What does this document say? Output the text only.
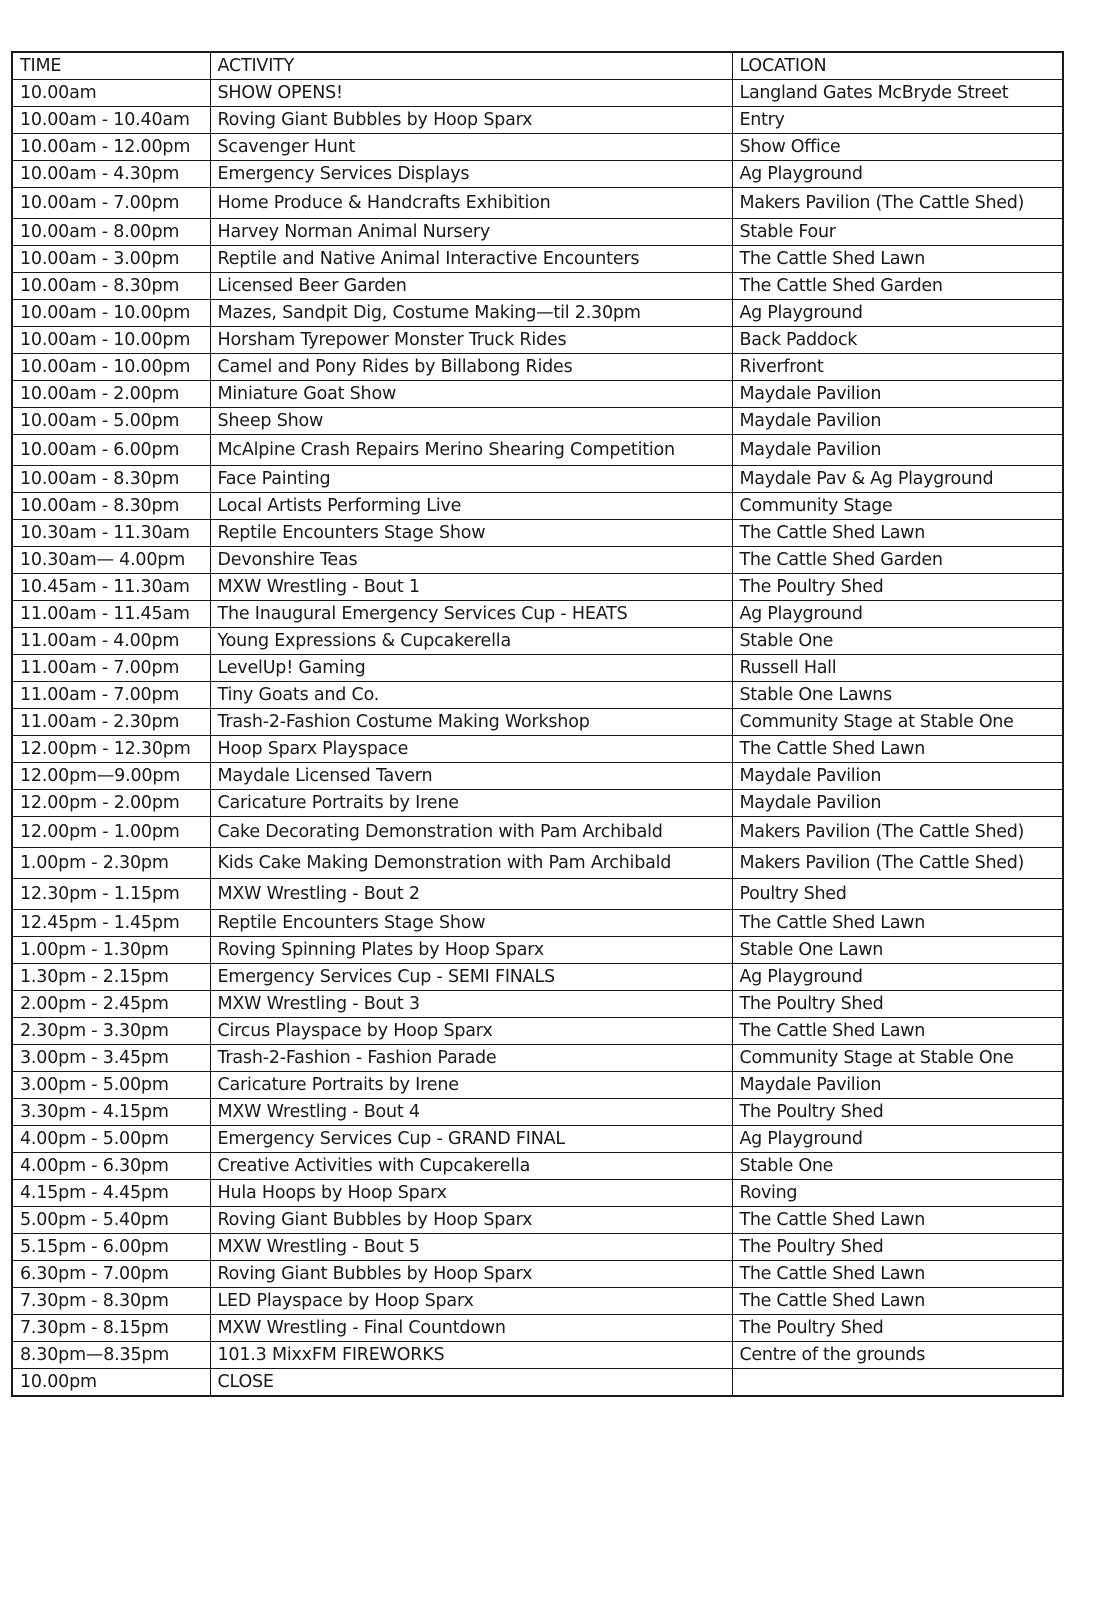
TIME	ACTIVITY	LOCATION
10.00am	SHOW OPENS!	Langland Gates McBryde Street
10.00am - 10.40am	Roving Giant Bubbles by Hoop Sparx	Entry
10.00am - 12.00pm	Scavenger Hunt	Show Office
10.00am - 4.30pm	Emergency Services Displays	Ag Playground
10.00am - 7.00pm	Home Produce & Handcrafts Exhibition	Makers Pavilion (The Cattle Shed)
10.00am - 8.00pm	Harvey Norman Animal Nursery	Stable Four
10.00am - 3.00pm	Reptile and Native Animal Interactive Encounters	The Cattle Shed Lawn
10.00am - 8.30pm	Licensed Beer Garden	The Cattle Shed Garden
10.00am - 10.00pm	Mazes, Sandpit Dig, Costume Making—til 2.30pm	Ag Playground
10.00am - 10.00pm	Horsham Tyrepower Monster Truck Rides	Back Paddock
10.00am - 10.00pm	Camel and Pony Rides by Billabong Rides	Riverfront
10.00am - 2.00pm	Miniature Goat Show	Maydale Pavilion
10.00am - 5.00pm	Sheep Show	Maydale Pavilion
10.00am - 6.00pm	McAlpine Crash Repairs Merino Shearing Competition	Maydale Pavilion
10.00am - 8.30pm	Face Painting	Maydale Pav & Ag Playground
10.00am - 8.30pm	Local Artists Performing Live	Community Stage
10.30am - 11.30am	Reptile Encounters Stage Show	The Cattle Shed Lawn
10.30am— 4.00pm	Devonshire Teas	The Cattle Shed Garden
10.45am - 11.30am	MXW Wrestling - Bout 1	The Poultry Shed
11.00am - 11.45am	The Inaugural Emergency Services Cup - HEATS	Ag Playground
11.00am - 4.00pm	Young Expressions & Cupcakerella	Stable One
11.00am - 7.00pm	LevelUp! Gaming	Russell Hall
11.00am - 7.00pm	Tiny Goats and Co.	Stable One Lawns
11.00am - 2.30pm	Trash-2-Fashion Costume Making Workshop	Community Stage at Stable One
12.00pm - 12.30pm	Hoop Sparx Playspace	The Cattle Shed Lawn
12.00pm—9.00pm	Maydale Licensed Tavern	Maydale Pavilion
12.00pm - 2.00pm	Caricature Portraits by Irene	Maydale Pavilion
12.00pm - 1.00pm	Cake Decorating Demonstration with Pam Archibald	Makers Pavilion (The Cattle Shed)
1.00pm - 2.30pm	Kids Cake Making Demonstration with Pam Archibald	Makers Pavilion (The Cattle Shed)
12.30pm - 1.15pm	MXW Wrestling - Bout 2	Poultry Shed
12.45pm - 1.45pm	Reptile Encounters Stage Show	The Cattle Shed Lawn
1.00pm - 1.30pm	Roving Spinning Plates by Hoop Sparx	Stable One Lawn
1.30pm - 2.15pm	Emergency Services Cup - SEMI FINALS	Ag Playground
2.00pm - 2.45pm	MXW Wrestling - Bout 3	The Poultry Shed
2.30pm - 3.30pm	Circus Playspace by Hoop Sparx	The Cattle Shed Lawn
3.00pm - 3.45pm	Trash-2-Fashion - Fashion Parade	Community Stage at Stable One
3.00pm - 5.00pm	Caricature Portraits by Irene	Maydale Pavilion
3.30pm - 4.15pm	MXW Wrestling - Bout 4	The Poultry Shed
4.00pm - 5.00pm	Emergency Services Cup - GRAND FINAL	Ag Playground
4.00pm - 6.30pm	Creative Activities with Cupcakerella	Stable One
4.15pm - 4.45pm	Hula Hoops by Hoop Sparx	Roving
5.00pm - 5.40pm	Roving Giant Bubbles by Hoop Sparx	The Cattle Shed Lawn
5.15pm - 6.00pm	MXW Wrestling - Bout 5	The Poultry Shed
6.30pm - 7.00pm	Roving Giant Bubbles by Hoop Sparx	The Cattle Shed Lawn
7.30pm - 8.30pm	LED Playspace by Hoop Sparx	The Cattle Shed Lawn
7.30pm - 8.15pm	MXW Wrestling - Final Countdown	The Poultry Shed
8.30pm—8.35pm	101.3 MixxFM FIREWORKS	Centre of the grounds
10.00pm	CLOSE	
